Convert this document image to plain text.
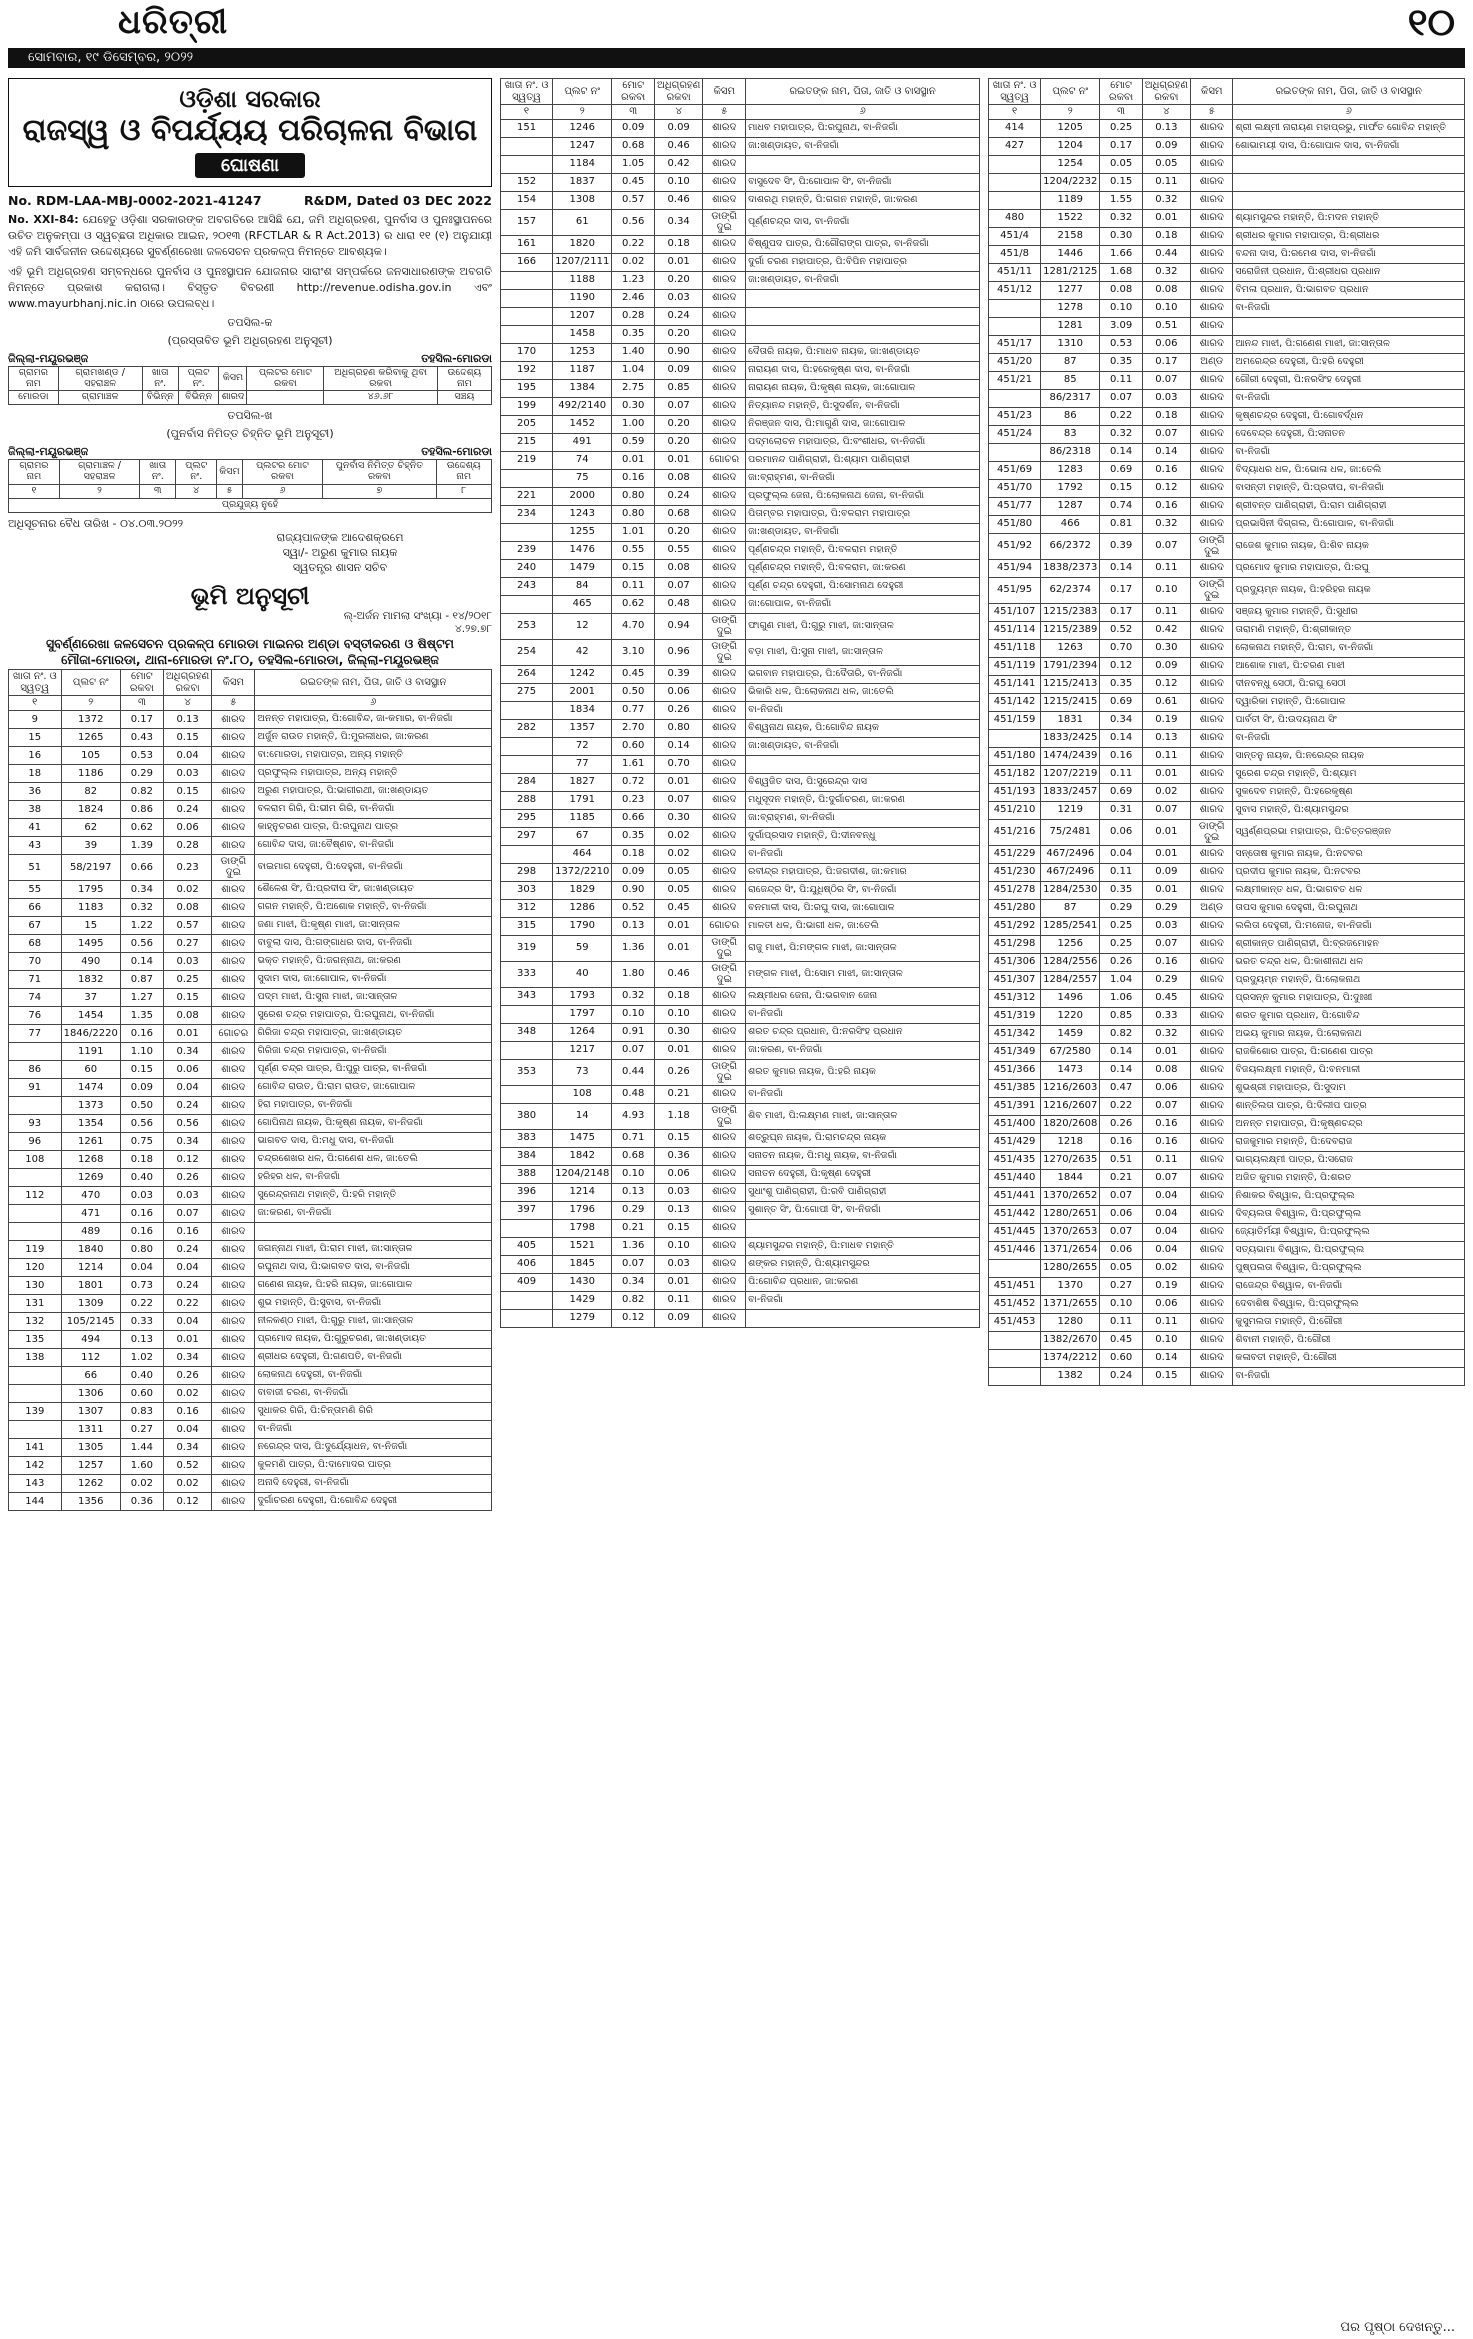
ଧରିତ୍ରୀ	୧୦
ସୋମବାର, ୧୯ ଡିସେମ୍ବର, ୨୦୨୨
ଓଡ଼ିଶା ସରକାର
ରାଜସ୍ୱ ଓ ବିପର୍ଯ୍ୟୟ ପରିଚାଳନା ବିଭାଗ
ଘୋଷଣା
No. RDM-LAA-MBJ-0002-2021-41247	R&DM, Dated 03 DEC 2022
No. XXI-84: ଯେହେତୁ ଓଡ଼ିଶା ସରକାରଙ୍କ ଅବଗତିରେ ଆସିଛି ଯେ, ଜମି ଅଧିଗ୍ରହଣ, ପୁନର୍ବାସ ଓ ପୁନଃସ୍ଥାପନରେ ଉଚିତ ଅନୁକମ୍ପା ଓ ସ୍ୱଚ୍ଛତା ଅଧିକାର ଆଇନ, ୨୦୧୩ (RFCTLAR & R Act.2013) ର ଧାରା ୧୧ (୧) ଅନୁଯାୟୀ ଏହି ଜମି ସାର୍ବଜନୀନ ଉଦ୍ଦେଶ୍ୟରେ ସୁବର୍ଣ୍ଣରେଖା ଜଳସେଚନ ପ୍ରକଳ୍ପ ନିମନ୍ତେ ଆବଶ୍ୟକ।
ଏହି ଭୂମି ଅଧିଗ୍ରହଣ ସମ୍ବନ୍ଧରେ ପୁନର୍ବାସ ଓ ପୁନଃସ୍ଥାପନ ଯୋଜନାର ସାରାଂଶ ସମ୍ପର୍କରେ ଜନସାଧାରଣଙ୍କ ଅବଗତି ନିମନ୍ତେ ପ୍ରକାଶ କରାଗଲା। ବିସ୍ତୃତ ବିବରଣୀ http://revenue.odisha.gov.in ଏବଂ www.mayurbhanj.nic.in ଠାରେ ଉପଲବ୍ଧ।
ତପସିଲ-କ
(ପ୍ରସ୍ତାବିତ ଭୂମି ଅଧିଗ୍ରହଣ ଅନୁସୂଚୀ)
ଜିଲ୍ଲା-ମୟୂରଭଞ୍ଜ	ତହସିଲ-ମୋରଡା
ଗ୍ରାମର ନାମ	ଗ୍ରାମଖଣ୍ଡ / ସହରାଞ୍ଚଳ	ଖାତା ନଂ.	ପ୍ଲଟ ନଂ.	କିସମ	ପ୍ଲଟର ମୋଟ ରକବା	ଅଧିଗ୍ରହଣ କରିବାକୁ ଥିବା ରକବା	ଉଦ୍ଦେଶ୍ୟ ନାମ
ମୋରଡା	ଗ୍ରାମାଞ୍ଚଳ	ବିଭିନ୍ନ	ବିଭିନ୍ନ	ଶାରଦ		୪୬.୬୮	ସଞ୍ଚୟ
ତପସିଲ-ଖ
(ପୁନର୍ବାସ ନିମିତ୍ତ ଚିହ୍ନିତ ଭୂମି ଅନୁସୂଚୀ)
ଜିଲ୍ଲା-ମୟୂରଭଞ୍ଜ	ତହସିଲ-ମୋରଡା
ଗ୍ରାମର ନାମ	ଗ୍ରାମାଞ୍ଚଳ / ସହରାଞ୍ଚଳ	ଖାତା ନଂ.	ପ୍ଲଟ ନଂ.	କିସମ	ପ୍ଲଟର ମୋଟ ରକବା	ପୁନର୍ବାସ ନିମିତ୍ତ ଚିହ୍ନିତ ରକବା	ଉଦ୍ଦେଶ୍ୟ ନାମ
୧	୨	୩	୪	୫	୬	୭	୮
ପ୍ରଯୁଜ୍ୟ ନୁହେଁ							
ଅଧିସୂଚନାର ବୈଧ ତାରିଖ - ୦୪.୦୩.୨୦୨୨
ରାଜ୍ୟପାଳଙ୍କ ଆଦେଶକ୍ରମେ
ସ୍ୱା/- ଅରୁଣ କୁମାର ନାୟକ
ସ୍ୱତନ୍ତ୍ର ଶାସନ ସଚିବ
ଭୂମି ଅନୁସୂଚୀ
ଲ୍-ଅର୍ଜନ ମାମଲା ସଂଖ୍ୟା - ୧୪/୨୦୧୮
୪.୨୭.୭୮
ସୁବର୍ଣ୍ଣରେଖା ଜଳସେଚନ ପ୍ରକଳ୍ପ ମୋରଡା ମାଇନର ଅଣ୍ଡା ବସ୍ତୀକରଣ ଓ ଷିଷ୍ଟମ
ମୌଜା-ମୋରଡା, ଥାନା-ମୋରଡା ନଂ.୮୦, ତହସିଲ-ମୋରଡା, ଜିଲ୍ଲା-ମୟୂରଭଞ୍ଜ
ଖାତା ନଂ. ଓ ସ୍ୱତ୍ୱ	ପ୍ଲଟ ନଂ	ମୋଟ ରକବା	ଅଧିଗ୍ରହଣ ରକବା	କିସମ	ରଇତଙ୍କ ନାମ, ପିତା, ଜାତି ଓ ବାସସ୍ଥାନ
୧	୨	୩	୪	୫	୬
9	1372	0.17	0.13	ଶାରଦ	ଅନନ୍ତ ମହାପାତ୍ର, ପି:ଗୋବିନ୍ଦ, ଜା-କମାର, ବା-ନିଜଗାଁ
15	1265	0.43	0.15	ଶାରଦ	ଅର୍ଜୁନ ରାଉତ ମହାନ୍ତି, ପି:ମୁରଲୀଧର, ଜା:କରଣ
16	105	0.53	0.04	ଶାରଦ	ବା:ମୋରଡା, ମହାପାତ୍ର, ଅନ୍ୟ ମହାନ୍ତି
18	1186	0.29	0.03	ଶାରଦ	ପ୍ରଫୁଲ୍ଲ ମହାପାତ୍ର, ଅନ୍ୟ ମହାନ୍ତି
36	82	0.82	0.15	ଶାରଦ	ଅରୁଣ ମହାପାତ୍ର, ପି:ଭାଗୀରଥୀ, ଜା:ଖଣ୍ଡାୟତ
38	1824	0.86	0.24	ଶାରଦ	ବଳରାମ ଗିରି, ପି:ଭୀମ ଗିରି, ବା-ନିଜଗାଁ
41	62	0.62	0.06	ଶାରଦ	କାହ୍ନୁଚରଣ ପାତ୍ର, ପି:ରଘୁନାଥ ପାତ୍ର
43	39	1.39	0.28	ଶାରଦ	ଗୋବିନ୍ଦ ଦାସ, ଜା:ବୈଷ୍ଣବ, ବା-ନିଜଗାଁ
51	58/2197	0.66	0.23	ଡାଙ୍ଗି ଦୁଇ	ବାଇମାଗ ଦେହୁରୀ, ପି:ଦେହୁରୀ, ବା-ନିଜଗାଁ
55	1795	0.34	0.02	ଶାରଦ	ଶୈଳେଶ ସିଂ, ପି:ପ୍ରଦୀପ ସିଂ, ଜା:ଖଣ୍ଡାୟତ
66	1183	0.32	0.08	ଶାରଦ	ଗଗନ ମହାନ୍ତି, ପି:ଅଶୋକ ମହାନ୍ତି, ବା-ନିଜଗାଁ
67	15	1.22	0.57	ଶାରଦ	ଜଣା ମାଝୀ, ପି:କୃଷ୍ଣ ମାଝୀ, ଜା:ସାନ୍ତାଳ
68	1495	0.56	0.27	ଶାରଦ	ବାବୁଲା ଦାସ, ପି:ଗଙ୍ଗାଧର ଦାସ, ବା-ନିଜଗାଁ
70	490	0.14	0.03	ଶାରଦ	ଭକ୍ତ ମହାନ୍ତି, ପି:ଜଗନ୍ନାଥ, ଜା:କରଣ
71	1832	0.87	0.25	ଶାରଦ	ସୁଦାମ ଦାସ, ଜା:ଗୋପାଳ, ବା-ନିଜଗାଁ
74	37	1.27	0.15	ଶାରଦ	ପଦ୍ମ ମାଝୀ, ପି:ସୁନା ମାଝୀ, ଜା:ସାନ୍ତାଳ
76	1454	1.35	0.08	ଶାରଦ	ସୁରେଶ ଚନ୍ଦ୍ର ମହାପାତ୍ର, ପି:ରଘୁନାଥ, ବା-ନିଜଗାଁ
77	1846/2220	0.16	0.01	ଗୋଚର	ଗିରିଜା ଚନ୍ଦ୍ର ମହାପାତ୍ର, ଜା:ଖଣ୍ଡାୟତ
	1191	1.10	0.34	ଶାରଦ	ଗିରିଜା ଚନ୍ଦ୍ର ମହାପାତ୍ର, ବା-ନିଜଗାଁ
86	60	0.15	0.06	ଶାରଦ	ପୂର୍ଣ୍ଣ ଚନ୍ଦ୍ର ପାତ୍ର, ପି:ପୁରୁ ପାତ୍ର, ବା-ନିଜଗାଁ
91	1474	0.09	0.04	ଶାରଦ	ଗୋବିନ୍ଦ ରାଉତ, ପି:ରାମ ରାଉତ, ଜା:ଗୋପାଳ
	1373	0.50	0.24	ଶାରଦ	ହିରା ମହାପାତ୍ର, ବା-ନିଜଗାଁ
93	1354	0.56	0.56	ଶାରଦ	ଗୋପିନାଥ ନାୟକ, ପି:କୃଷ୍ଣ ନାୟକ, ବା-ନିଜଗାଁ
96	1261	0.75	0.34	ଶାରଦ	ଭାଗବତ ଦାସ, ପି:ମଧୁ ଦାସ, ବା-ନିଜଗାଁ
108	1268	0.18	0.12	ଶାରଦ	ଚନ୍ଦ୍ରଶେଖର ଧଳ, ପି:ଗଣେଶ ଧଳ, ଜା:ତେଲି
	1269	0.40	0.26	ଶାରଦ	ହରିହର ଧଳ, ବା-ନିଜଗାଁ
112	470	0.03	0.03	ଶାରଦ	ସୁରେନ୍ଦ୍ରନାଥ ମହାନ୍ତି, ପି:ହରି ମହାନ୍ତି
	471	0.16	0.07	ଶାରଦ	ଜା:କରଣ, ବା-ନିଜଗାଁ
	489	0.16	0.16	ଶାରଦ	
119	1840	0.80	0.24	ଶାରଦ	ଜଗନ୍ନାଥ ମାଝୀ, ପି:ରାମ ମାଝୀ, ଜା:ସାନ୍ତାଳ
120	1214	0.04	0.04	ଶାରଦ	ରଘୁନାଥ ଦାସ, ପି:ଭାଗବତ ଦାସ, ବା-ନିଜଗାଁ
130	1801	0.73	0.24	ଶାରଦ	ଗଣେଶ ନାୟକ, ପି:ହରି ନାୟକ, ଜା:ଗୋପାଳ
131	1309	0.22	0.22	ଶାରଦ	ଶୁଭ ମହାନ୍ତି, ପି:ସୁବାସ, ବା-ନିଜଗାଁ
132	105/2145	0.33	0.04	ଶାରଦ	ନୀଳକଣ୍ଠ ମାଝୀ, ପି:ଗୁରୁ ମାଝୀ, ଜା:ସାନ୍ତାଳ
135	494	0.13	0.01	ଶାରଦ	ପ୍ରମୋଦ ନାୟକ, ପି:ଗୁରୁଚରଣ, ଜା:ଖଣ୍ଡାୟତ
138	112	1.02	0.34	ଶାରଦ	ଶ୍ରୀଧର ଦେହୁରୀ, ପି:ଗଣପତି, ବା-ନିଜଗାଁ
	66	0.40	0.26	ଶାରଦ	ଲୋକନାଥ ଦେହୁରୀ, ବା-ନିଜଗାଁ
	1306	0.60	0.02	ଶାରଦ	ବାବାଜୀ ଚରଣ, ବା-ନିଜଗାଁ
139	1307	0.83	0.16	ଶାରଦ	ସୁଧାକର ଗିରି, ପି:ଚିନ୍ତାମଣି ଗିରି
	1311	0.27	0.04	ଶାରଦ	ବା-ନିଜଗାଁ
141	1305	1.44	0.34	ଶାରଦ	ନରେନ୍ଦ୍ର ଦାସ, ପି:ଦୁର୍ଯ୍ୟୋଧନ, ବା-ନିଜଗାଁ
142	1257	1.60	0.52	ଶାରଦ	କୁଳମଣି ପାତ୍ର, ପି:ଦାମୋଦର ପାତ୍ର
143	1262	0.02	0.02	ଶାରଦ	ଅନାଦି ଦେହୁରୀ, ବା-ନିଜଗାଁ
144	1356	0.36	0.12	ଶାରଦ	ଦୁର୍ଗାଚରଣ ଦେହୁରୀ, ପି:ଗୋବିନ୍ଦ ଦେହୁରୀ
ଖାତା ନଂ. ଓ ସ୍ୱତ୍ୱ	ପ୍ଲଟ ନଂ	ମୋଟ ରକବା	ଅଧିଗ୍ରହଣ ରକବା	କିସମ	ରଇତଙ୍କ ନାମ, ପିତା, ଜାତି ଓ ବାସସ୍ଥାନ
୧	୨	୩	୪	୫	୬
151	1246	0.09	0.09	ଶାରଦ	ମାଧବ ମହାପାତ୍ର, ପି:ରଘୁନାଥ, ବା-ନିଜଗାଁ
	1247	0.68	0.46	ଶାରଦ	ଜା:ଖଣ୍ଡାୟତ, ବା-ନିଜଗାଁ
	1184	1.05	0.42	ଶାରଦ	
152	1837	0.45	0.10	ଶାରଦ	ବାସୁଦେବ ସିଂ, ପି:ଗୋପାଳ ସିଂ, ବା-ନିଜଗାଁ
154	1308	0.57	0.46	ଶାରଦ	ଦାଶରଥି ମହାନ୍ତି, ପି:ଗଗନ ମହାନ୍ତି, ଜା:କରଣ
157	61	0.56	0.34	ଡାଙ୍ଗି ଦୁଇ	ପୂର୍ଣ୍ଣଚନ୍ଦ୍ର ଦାସ, ବା-ନିଜଗାଁ
161	1820	0.22	0.18	ଶାରଦ	ବିଷ୍ଣୁପଦ ପାତ୍ର, ପି:ଗୌରାଙ୍ଗ ପାତ୍ର, ବା-ନିଜଗାଁ
166	1207/2111	0.02	0.01	ଶାରଦ	ଦୁର୍ଗା ଚରଣ ମହାପାତ୍ର, ପି:ବିପିନ ମହାପାତ୍ର
	1188	1.23	0.20	ଶାରଦ	ଜା:ଖଣ୍ଡାୟତ, ବା-ନିଜଗାଁ
	1190	2.46	0.03	ଶାରଦ	
	1207	0.28	0.24	ଶାରଦ	
	1458	0.35	0.20	ଶାରଦ	
170	1253	1.40	0.90	ଶାରଦ	ଦୈତାରି ନାୟକ, ପି:ମାଧବ ନାୟକ, ଜା:ଖଣ୍ଡାୟତ
192	1187	1.04	0.09	ଶାରଦ	ନାରାୟଣ ଦାସ, ପି:ହରେକୃଷ୍ଣ ଦାସ, ବା-ନିଜଗାଁ
195	1384	2.75	0.85	ଶାରଦ	ନାରାୟଣ ନାୟକ, ପି:କୃଷ୍ଣ ନାୟକ, ଜା:ଗୋପାଳ
199	492/2140	0.30	0.07	ଶାରଦ	ନିତ୍ୟାନନ୍ଦ ମହାନ୍ତି, ପି:ସୁଦର୍ଶନ, ବା-ନିଜଗାଁ
205	1452	1.00	0.20	ଶାରଦ	ନିରଞ୍ଜନ ଦାସ, ପି:ମାଗୁଣି ଦାସ, ଜା:ଗୋପାଳ
215	491	0.59	0.20	ଶାରଦ	ପଦ୍ମଲୋଚନ ମହାପାତ୍ର, ପି:ବଂଶୀଧର, ବା-ନିଜଗାଁ
219	74	0.01	0.01	ଗୋଚର	ପରମାନନ୍ଦ ପାଣିଗ୍ରାହୀ, ପି:ଶ୍ୟାମ ପାଣିଗ୍ରାହୀ
	75	0.16	0.08	ଶାରଦ	ଜା:ବ୍ରାହ୍ମଣ, ବା-ନିଜଗାଁ
221	2000	0.80	0.24	ଶାରଦ	ପ୍ରଫୁଲ୍ଲ ଜେନା, ପି:ଲୋକନାଥ ଜେନା, ବା-ନିଜଗାଁ
234	1243	0.80	0.68	ଶାରଦ	ପିତାମ୍ବର ମହାପାତ୍ର, ପି:ବଳରାମ ମହାପାତ୍ର
	1255	1.01	0.20	ଶାରଦ	ଜା:ଖଣ୍ଡାୟତ, ବା-ନିଜଗାଁ
239	1476	0.55	0.55	ଶାରଦ	ପୂର୍ଣ୍ଣଚନ୍ଦ୍ର ମହାନ୍ତି, ପି:ବଳରାମ ମହାନ୍ତି
240	1479	0.15	0.08	ଶାରଦ	ପୂର୍ଣ୍ଣଚନ୍ଦ୍ର ମହାନ୍ତି, ପି:ବଳରାମ, ଜା:କରଣ
243	84	0.11	0.07	ଶାରଦ	ପୂର୍ଣ୍ଣ ଚନ୍ଦ୍ର ଦେହୁରୀ, ପି:ସୋମନାଥ ଦେହୁରୀ
	465	0.62	0.48	ଶାରଦ	ଜା:ଗୋପାଳ, ବା-ନିଜଗାଁ
253	12	4.70	0.94	ଡାଙ୍ଗି ଦୁଇ	ଫାଗୁଣ ମାଝୀ, ପି:ଗୁରୁ ମାଝୀ, ଜା:ସାନ୍ତାଳ
254	42	3.10	0.96	ଡାଙ୍ଗି ଦୁଇ	ବଡ଼ା ମାଝୀ, ପି:ସୁନା ମାଝୀ, ଜା:ସାନ୍ତାଳ
264	1242	0.45	0.39	ଶାରଦ	ଭଗବାନ ମହାପାତ୍ର, ପି:ଦୈତାରି, ବା-ନିଜଗାଁ
275	2001	0.50	0.06	ଶାରଦ	ଭିକାରି ଧଳ, ପି:ଲୋକନାଥ ଧଳ, ଜା:ତେଲି
	1834	0.77	0.26	ଶାରଦ	ବା-ନିଜଗାଁ
282	1357	2.70	0.80	ଶାରଦ	ବିଶ୍ୱନାଥ ନାୟକ, ପି:ଗୋବିନ୍ଦ ନାୟକ
	72	0.60	0.14	ଶାରଦ	ଜା:ଖଣ୍ଡାୟତ, ବା-ନିଜଗାଁ
	77	1.61	0.70	ଶାରଦ	
284	1827	0.72	0.01	ଶାରଦ	ବିଶ୍ୱଜିତ ଦାସ, ପି:ସୁରେନ୍ଦ୍ର ଦାସ
288	1791	0.23	0.07	ଶାରଦ	ମଧୁସୂଦନ ମହାନ୍ତି, ପି:ଦୁର୍ଗାଚରଣ, ଜା:କରଣ
295	1185	0.66	0.30	ଶାରଦ	ଜା:ବ୍ରାହ୍ମଣ, ବା-ନିଜଗାଁ
297	67	0.35	0.02	ଶାରଦ	ଦୁର୍ଗାପ୍ରସାଦ ମହାନ୍ତି, ପି:ଦୀନବନ୍ଧୁ
	464	0.18	0.02	ଶାରଦ	ବା-ନିଜଗାଁ
298	1372/2210	0.09	0.05	ଶାରଦ	ରବୀନ୍ଦ୍ର ମହାପାତ୍ର, ପି:ଜଗଦୀଶ, ଜା:କମାର
303	1829	0.90	0.05	ଶାରଦ	ରାଜେନ୍ଦ୍ର ସିଂ, ପି:ଯୁଧିଷ୍ଠିର ସିଂ, ବା-ନିଜଗାଁ
312	1286	0.52	0.45	ଶାରଦ	ବନମାଳୀ ଦାସ, ପି:ରଘୁ ଦାସ, ଜା:ଗୋପାଳ
315	1790	0.13	0.01	ଗୋଚର	ମାଳତୀ ଧଳ, ପି:ଭାଗୀ ଧଳ, ଜା:ତେଲି
319	59	1.36	0.01	ଡାଙ୍ଗି ଦୁଇ	ରାଜୁ ମାଝୀ, ପି:ମଙ୍ଗଳ ମାଝୀ, ଜା:ସାନ୍ତାଳ
333	40	1.80	0.46	ଡାଙ୍ଗି ଦୁଇ	ମଙ୍ଗଳ ମାଝୀ, ପି:ସୋମ ମାଝୀ, ଜା:ସାନ୍ତାଳ
343	1793	0.32	0.18	ଶାରଦ	ଲକ୍ଷ୍ମୀଧର ଜେନା, ପି:ଭଗବାନ ଜେନା
	1797	0.10	0.10	ଶାରଦ	ବା-ନିଜଗାଁ
348	1264	0.91	0.30	ଶାରଦ	ଶରତ ଚନ୍ଦ୍ର ପ୍ରଧାନ, ପି:ନରସିଂହ ପ୍ରଧାନ
	1217	0.07	0.01	ଶାରଦ	ଜା:କରଣ, ବା-ନିଜଗାଁ
353	73	0.44	0.26	ଡାଙ୍ଗି ଦୁଇ	ଶରତ କୁମାର ନାୟକ, ପି:ହରି ନାୟକ
	108	0.48	0.21	ଶାରଦ	ବା-ନିଜଗାଁ
380	14	4.93	1.18	ଡାଙ୍ଗି ଦୁଇ	ଶିବ ମାଝୀ, ପି:ଲକ୍ଷ୍ମଣ ମାଝୀ, ଜା:ସାନ୍ତାଳ
383	1475	0.71	0.15	ଶାରଦ	ଶତ୍ରୁଘ୍ନ ନାୟକ, ପି:ରାମଚନ୍ଦ୍ର ନାୟକ
384	1842	0.68	0.36	ଶାରଦ	ସନାତନ ନାୟକ, ପି:ମଧୁ ନାୟକ, ବା-ନିଜଗାଁ
388	1204/2148	0.10	0.06	ଶାରଦ	ସନାତନ ଦେହୁରୀ, ପି:କୃଷ୍ଣ ଦେହୁରୀ
396	1214	0.13	0.03	ଶାରଦ	ସୁଧାଂଶୁ ପାଣିଗ୍ରାହୀ, ପି:ରବି ପାଣିଗ୍ରାହୀ
397	1796	0.29	0.13	ଶାରଦ	ସୁଶାନ୍ତ ସିଂ, ପି:ଗୋପୀ ସିଂ, ବା-ନିଜଗାଁ
	1798	0.21	0.15	ଶାରଦ	
405	1521	1.36	0.10	ଶାରଦ	ଶ୍ୟାମସୁନ୍ଦର ମହାନ୍ତି, ପି:ମାଧବ ମହାନ୍ତି
406	1845	0.07	0.03	ଶାରଦ	ଶଙ୍କର ମହାନ୍ତି, ପି:ଶ୍ୟାମସୁନ୍ଦର
409	1430	0.34	0.01	ଶାରଦ	ପି:ଗୋବିନ୍ଦ ପ୍ରଧାନ, ଜା:କରଣ
	1429	0.82	0.11	ଶାରଦ	ବା-ନିଜଗାଁ
	1279	0.12	0.09	ଶାରଦ	
ଖାତା ନଂ. ଓ ସ୍ୱତ୍ୱ	ପ୍ଲଟ ନଂ	ମୋଟ ରକବା	ଅଧିଗ୍ରହଣ ରକବା	କିସମ	ରଇତଙ୍କ ନାମ, ପିତା, ଜାତି ଓ ବାସସ୍ଥାନ
୧	୨	୩	୪	୫	୬
414	1205	0.25	0.13	ଶାରଦ	ଶ୍ରୀ ଲକ୍ଷ୍ମୀ ନାରାୟଣ ମହାପ୍ରଭୁ, ମାର୍ଫତ ଗୋବିନ୍ଦ ମହାନ୍ତି
427	1204	0.17	0.09	ଶାରଦ	ଶୋଭାମୟୀ ଦାସ, ପି:ଗୋପାଳ ଦାସ, ବା-ନିଜଗାଁ
	1254	0.05	0.05	ଶାରଦ	
	1204/2232	0.15	0.11	ଶାରଦ	
	1189	1.55	0.32	ଶାରଦ	
480	1522	0.32	0.01	ଶାରଦ	ଶ୍ୟାମସୁନ୍ଦର ମହାନ୍ତି, ପି:ମଦନ ମହାନ୍ତି
451/4	2158	0.30	0.18	ଶାରଦ	ଶ୍ରୀଧର କୁମାର ମହାପାତ୍ର, ପି:ଶ୍ରୀଧର
451/8	1446	1.66	0.44	ଶାରଦ	ବନ୍ଦନା ଦାସ, ପି:ରମେଶ ଦାସ, ବା-ନିଜଗାଁ
451/11	1281/2125	1.68	0.32	ଶାରଦ	ସରୋଜିନୀ ପ୍ରଧାନ, ପି:ଶ୍ରୀଧର ପ୍ରଧାନ
451/12	1277	0.08	0.08	ଶାରଦ	ବିମଳା ପ୍ରଧାନ, ପି:ଭାଗବତ ପ୍ରଧାନ
	1278	0.10	0.10	ଶାରଦ	ବା-ନିଜଗାଁ
	1281	3.09	0.51	ଶାରଦ	
451/17	1310	0.53	0.06	ଶାରଦ	ଆନନ୍ଦ ମାଝୀ, ପି:ଗଣେଶ ମାଝୀ, ଜା:ସାନ୍ତାଳ
451/20	87	0.35	0.17	ଅଣ୍ଡ	ଅମରେନ୍ଦ୍ର ଦେହୁରୀ, ପି:ହରି ଦେହୁରୀ
451/21	85	0.11	0.07	ଶାରଦ	ଗୌରୀ ଦେହୁରୀ, ପି:ନରସିଂହ ଦେହୁରୀ
	86/2317	0.07	0.03	ଶାରଦ	ବା-ନିଜଗାଁ
451/23	86	0.22	0.18	ଶାରଦ	କୃଷ୍ଣଚନ୍ଦ୍ର ଦେହୁରୀ, ପି:ଗୋବର୍ଦ୍ଧନ
451/24	83	0.32	0.07	ଶାରଦ	ଦେବେନ୍ଦ୍ର ଦେହୁରୀ, ପି:ସନାତନ
	86/2318	0.14	0.14	ଶାରଦ	ବା-ନିଜଗାଁ
451/69	1283	0.69	0.16	ଶାରଦ	ବିଦ୍ୟାଧର ଧଳ, ପି:ଭୋଳା ଧଳ, ଜା:ତେଲି
451/70	1792	0.15	0.12	ଶାରଦ	ବାସନ୍ତୀ ମହାନ୍ତି, ପି:ପ୍ରଦୀପ, ବା-ନିଜଗାଁ
451/77	1287	0.74	0.16	ଶାରଦ	ଶ୍ରୀବନ୍ତ ପାଣିଗ୍ରାହୀ, ପି:ରାମ ପାଣିଗ୍ରାହୀ
451/80	466	0.81	0.32	ଶାରଦ	ପ୍ରଭାସିନୀ ଦିଗ୍ଗଲ, ପି:ଗୋପାଳ, ବା-ନିଜଗାଁ
451/92	66/2372	0.39	0.07	ଡାଙ୍ଗି ଦୁଇ	ରାଜେଶ କୁମାର ନାୟକ, ପି:ଶିବ ନାୟକ
451/94	1838/2373	0.14	0.11	ଶାରଦ	ପ୍ରମୋଦ କୁମାର ମହାପାତ୍ର, ପି:ରଘୁ
451/95	62/2374	0.17	0.10	ଡାଙ୍ଗି ଦୁଇ	ପ୍ରଦ୍ୟୁମ୍ନ ନାୟକ, ପି:ହରିହର ନାୟକ
451/107	1215/2383	0.17	0.11	ଶାରଦ	ସଞ୍ଜୟ କୁମାର ମହାନ୍ତି, ପି:ସୁଧୀର
451/114	1215/2389	0.52	0.42	ଶାରଦ	ତାରାମଣି ମହାନ୍ତି, ପି:ଶ୍ରୀକାନ୍ତ
451/118	1263	0.70	0.30	ଶାରଦ	ଲୋକନାଥ ମହାନ୍ତି, ପି:ରାମ, ବା-ନିଜଗାଁ
451/119	1791/2394	0.12	0.09	ଶାରଦ	ଆଶୋକ ମାଝୀ, ପି:ଚରଣ ମାଝୀ
451/141	1215/2413	0.35	0.12	ଶାରଦ	ଦୀନବନ୍ଧୁ ସେଠୀ, ପି:ରଘୁ ସେଠୀ
451/142	1215/2415	0.69	0.61	ଶାରଦ	ଦ୍ୱାରିକା ମହାନ୍ତି, ପି:ଗୋପାଳ
451/159	1831	0.34	0.19	ଶାରଦ	ପାର୍ବତୀ ସିଂ, ପି:ଉଦୟନାଥ ସିଂ
	1833/2425	0.14	0.13	ଶାରଦ	ବା-ନିଜଗାଁ
451/180	1474/2439	0.16	0.11	ଶାରଦ	ସାନ୍ତନୁ ନାୟକ, ପି:ନରେନ୍ଦ୍ର ନାୟକ
451/182	1207/2219	0.11	0.01	ଶାରଦ	ସୁରେଶ ଚନ୍ଦ୍ର ମହାନ୍ତି, ପି:ଶ୍ୟାମ
451/193	1833/2457	0.69	0.02	ଶାରଦ	ସୁକଦେବ ମହାନ୍ତି, ପି:ହରେକୃଷ୍ଣ
451/210	1219	0.31	0.07	ଶାରଦ	ସୁବାସ ମହାନ୍ତି, ପି:ଶ୍ୟାମସୁନ୍ଦର
451/216	75/2481	0.06	0.01	ଡାଙ୍ଗି ଦୁଇ	ସ୍ୱର୍ଣ୍ଣପ୍ରଭା ମହାପାତ୍ର, ପି:ଚିତ୍ତରଞ୍ଜନ
451/229	467/2496	0.04	0.01	ଶାରଦ	ସନ୍ତୋଷ କୁମାର ନାୟକ, ପି:ନଟବର
451/230	467/2496	0.11	0.09	ଶାରଦ	ପ୍ରଦୀପ କୁମାର ନାୟକ, ପି:ନଟବର
451/278	1284/2530	0.35	0.01	ଶାରଦ	ଲକ୍ଷ୍ମୀକାନ୍ତ ଧଳ, ପି:ଭାଗବତ ଧଳ
451/280	87	0.29	0.29	ଅଣ୍ଡ	ତାପସ କୁମାର ଦେହୁରୀ, ପି:ରଘୁନାଥ
451/292	1285/2541	0.25	0.03	ଶାରଦ	ଲଲିତା ଦେହୁରୀ, ପି:ମନୋଜ, ବା-ନିଜଗାଁ
451/298	1256	0.25	0.07	ଶାରଦ	ଶ୍ରୀକାନ୍ତ ପାଣିଗ୍ରାହୀ, ପି:ବ୍ରଜମୋହନ
451/306	1284/2556	0.26	0.16	ଶାରଦ	ଭରତ ଚନ୍ଦ୍ର ଧଳ, ପି:କାଶୀନାଥ ଧଳ
451/307	1284/2557	1.04	0.29	ଶାରଦ	ପ୍ରଦ୍ୟୁମ୍ନ ମହାନ୍ତି, ପି:ଲୋକନାଥ
451/312	1496	1.06	0.45	ଶାରଦ	ପ୍ରସନ୍ନ କୁମାର ମହାପାତ୍ର, ପି:ଦୁଃଖୀ
451/319	1220	0.85	0.33	ଶାରଦ	ଶରତ କୁମାର ପ୍ରଧାନ, ପି:ଗୋବିନ୍ଦ
451/342	1459	0.82	0.32	ଶାରଦ	ଅଭୟ କୁମାର ନାୟକ, ପି:ଲୋକନାଥ
451/349	67/2580	0.14	0.01	ଶାରଦ	ରାଜକିଶୋର ପାତ୍ର, ପି:ଗଣେଶ ପାତ୍ର
451/366	1473	0.14	0.08	ଶାରଦ	ବିଜୟଲକ୍ଷ୍ମୀ ମହାନ୍ତି, ପି:ବନମାଳୀ
451/385	1216/2603	0.47	0.06	ଶାରଦ	ଶୁଭଶ୍ରୀ ମହାପାତ୍ର, ପି:ସୁଦାମ
451/391	1216/2607	0.22	0.07	ଶାରଦ	ଶାନ୍ତିଲତା ପାତ୍ର, ପି:ଦିଲୀପ ପାତ୍ର
451/400	1820/2608	0.26	0.16	ଶାରଦ	ଅନନ୍ତ ମହାପାତ୍ର, ପି:କୃଷ୍ଣଚନ୍ଦ୍ର
451/429	1218	0.16	0.16	ଶାରଦ	ରାଜକୁମାର ମହାନ୍ତି, ପି:ଦେବରାଜ
451/435	1270/2635	0.51	0.11	ଶାରଦ	ଭାଗ୍ୟଲକ୍ଷ୍ମୀ ପାତ୍ର, ପି:ସରୋଜ
451/440	1844	0.21	0.07	ଶାରଦ	ଅଜିତ କୁମାର ମହାନ୍ତି, ପି:ଶରତ
451/441	1370/2652	0.07	0.04	ଶାରଦ	ନିଶାକର ବିଶ୍ୱାଳ, ପି:ପ୍ରଫୁଲ୍ଲ
451/442	1280/2651	0.06	0.04	ଶାରଦ	ଦିବ୍ୟଲତା ବିଶ୍ୱାଳ, ପି:ପ୍ରଫୁଲ୍ଲ
451/445	1370/2653	0.07	0.04	ଶାରଦ	ଜ୍ୟୋତିର୍ମୟୀ ବିଶ୍ୱାଳ, ପି:ପ୍ରଫୁଲ୍ଲ
451/446	1371/2654	0.06	0.04	ଶାରଦ	ସତ୍ୟଭାମା ବିଶ୍ୱାଳ, ପି:ପ୍ରଫୁଲ୍ଲ
	1280/2655	0.05	0.02	ଶାରଦ	ପୁଷ୍ପଲତା ବିଶ୍ୱାଳ, ପି:ପ୍ରଫୁଲ୍ଲ
451/451	1370	0.27	0.19	ଶାରଦ	ରାଜେନ୍ଦ୍ର ବିଶ୍ୱାଳ, ବା-ନିଜଗାଁ
451/452	1371/2655	0.10	0.06	ଶାରଦ	ଦେବାଶିଷ ବିଶ୍ୱାଳ, ପି:ପ୍ରଫୁଲ୍ଲ
451/453	1280	0.11	0.11	ଶାରଦ	କୁସୁମଲତା ମହାନ୍ତି, ପି:ଗୌରୀ
	1382/2670	0.45	0.10	ଶାରଦ	ଶିବାନୀ ମହାନ୍ତି, ପି:ଗୌରୀ
	1374/2212	0.60	0.14	ଶାରଦ	କଳାବତୀ ମହାନ୍ତି, ପି:ଗୌରୀ
	1382	0.24	0.15	ଶାରଦ	ବା-ନିଜଗାଁ
ପର ପୃଷ୍ଠା ଦେଖନ୍ତୁ...
